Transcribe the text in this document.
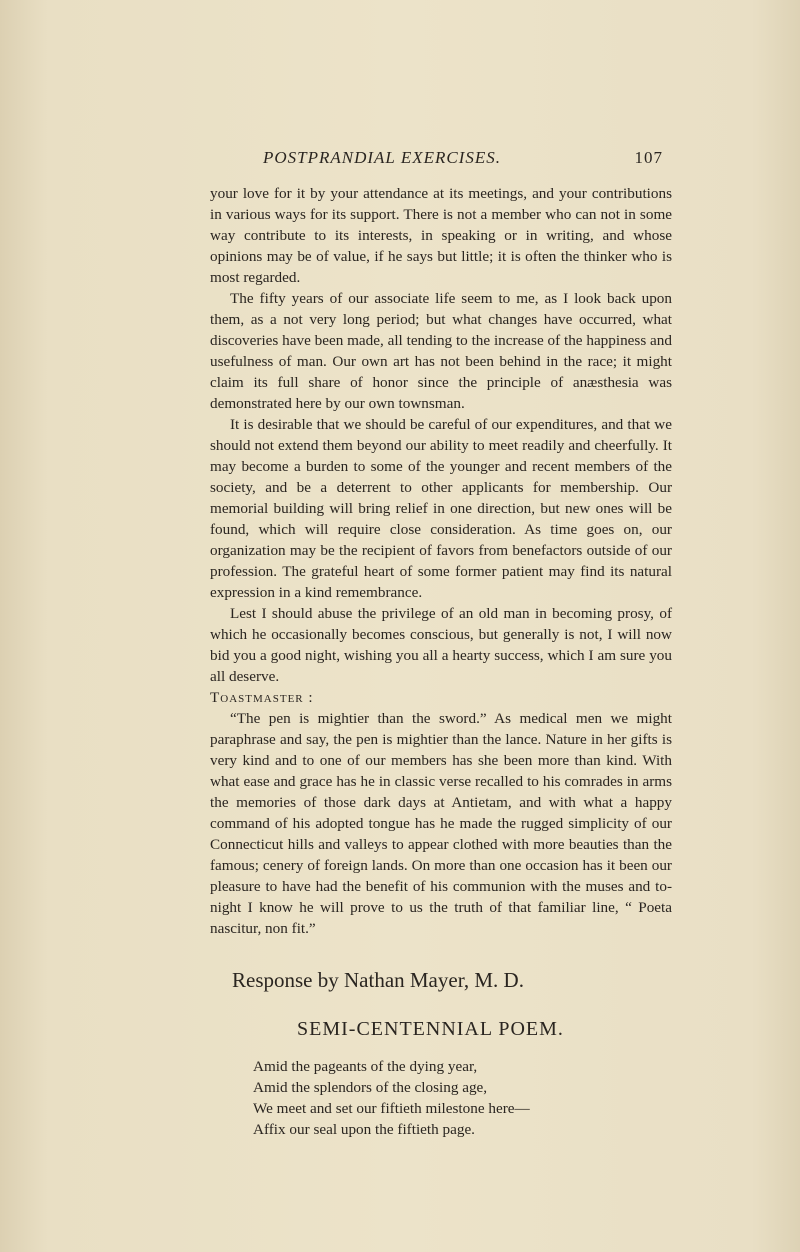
POSTPRANDIAL EXERCISES.	107

your love for it by your attendance at its meetings, and your contributions in various ways for its support. There is not a member who can not in some way contribute to its interests, in speaking or in writing, and whose opinions may be of value, if he says but little; it is often the thinker who is most regarded.

The fifty years of our associate life seem to me, as I look back upon them, as a not very long period; but what changes have occurred, what discoveries have been made, all tending to the increase of the happiness and usefulness of man. Our own art has not been behind in the race; it might claim its full share of honor since the principle of anæsthesia was demonstrated here by our own townsman.

It is desirable that we should be careful of our expenditures, and that we should not extend them beyond our ability to meet readily and cheerfully. It may become a burden to some of the younger and recent members of the society, and be a deterrent to other applicants for membership. Our memorial building will bring relief in one direction, but new ones will be found, which will require close consideration. As time goes on, our organization may be the recipient of favors from benefactors outside of our profession. The grateful heart of some former patient may find its natural expression in a kind remembrance.

Lest I should abuse the privilege of an old man in becoming prosy, of which he occasionally becomes conscious, but generally is not, I will now bid you a good night, wishing you all a hearty success, which I am sure you all deserve.

Toastmaster :

“The pen is mightier than the sword.” As medical men we might paraphrase and say, the pen is mightier than the lance. Nature in her gifts is very kind and to one of our members has she been more than kind. With what ease and grace has he in classic verse recalled to his comrades in arms the memories of those dark days at Antietam, and with what a happy command of his adopted tongue has he made the rugged simplicity of our Connecticut hills and valleys to appear clothed with more beauties than the famous; cenery of foreign lands. On more than one occasion has it been our pleasure to have had the benefit of his communion with the muses and to-night I know he will prove to us the truth of that familiar line, “ Poeta nascitur, non fit.”

Response by Nathan Mayer, M. D.
SEMI-CENTENNIAL POEM.
Amid the pageants of the dying year,
Amid the splendors of the closing age,
We meet and set our fiftieth milestone here—
Affix our seal upon the fiftieth page.
